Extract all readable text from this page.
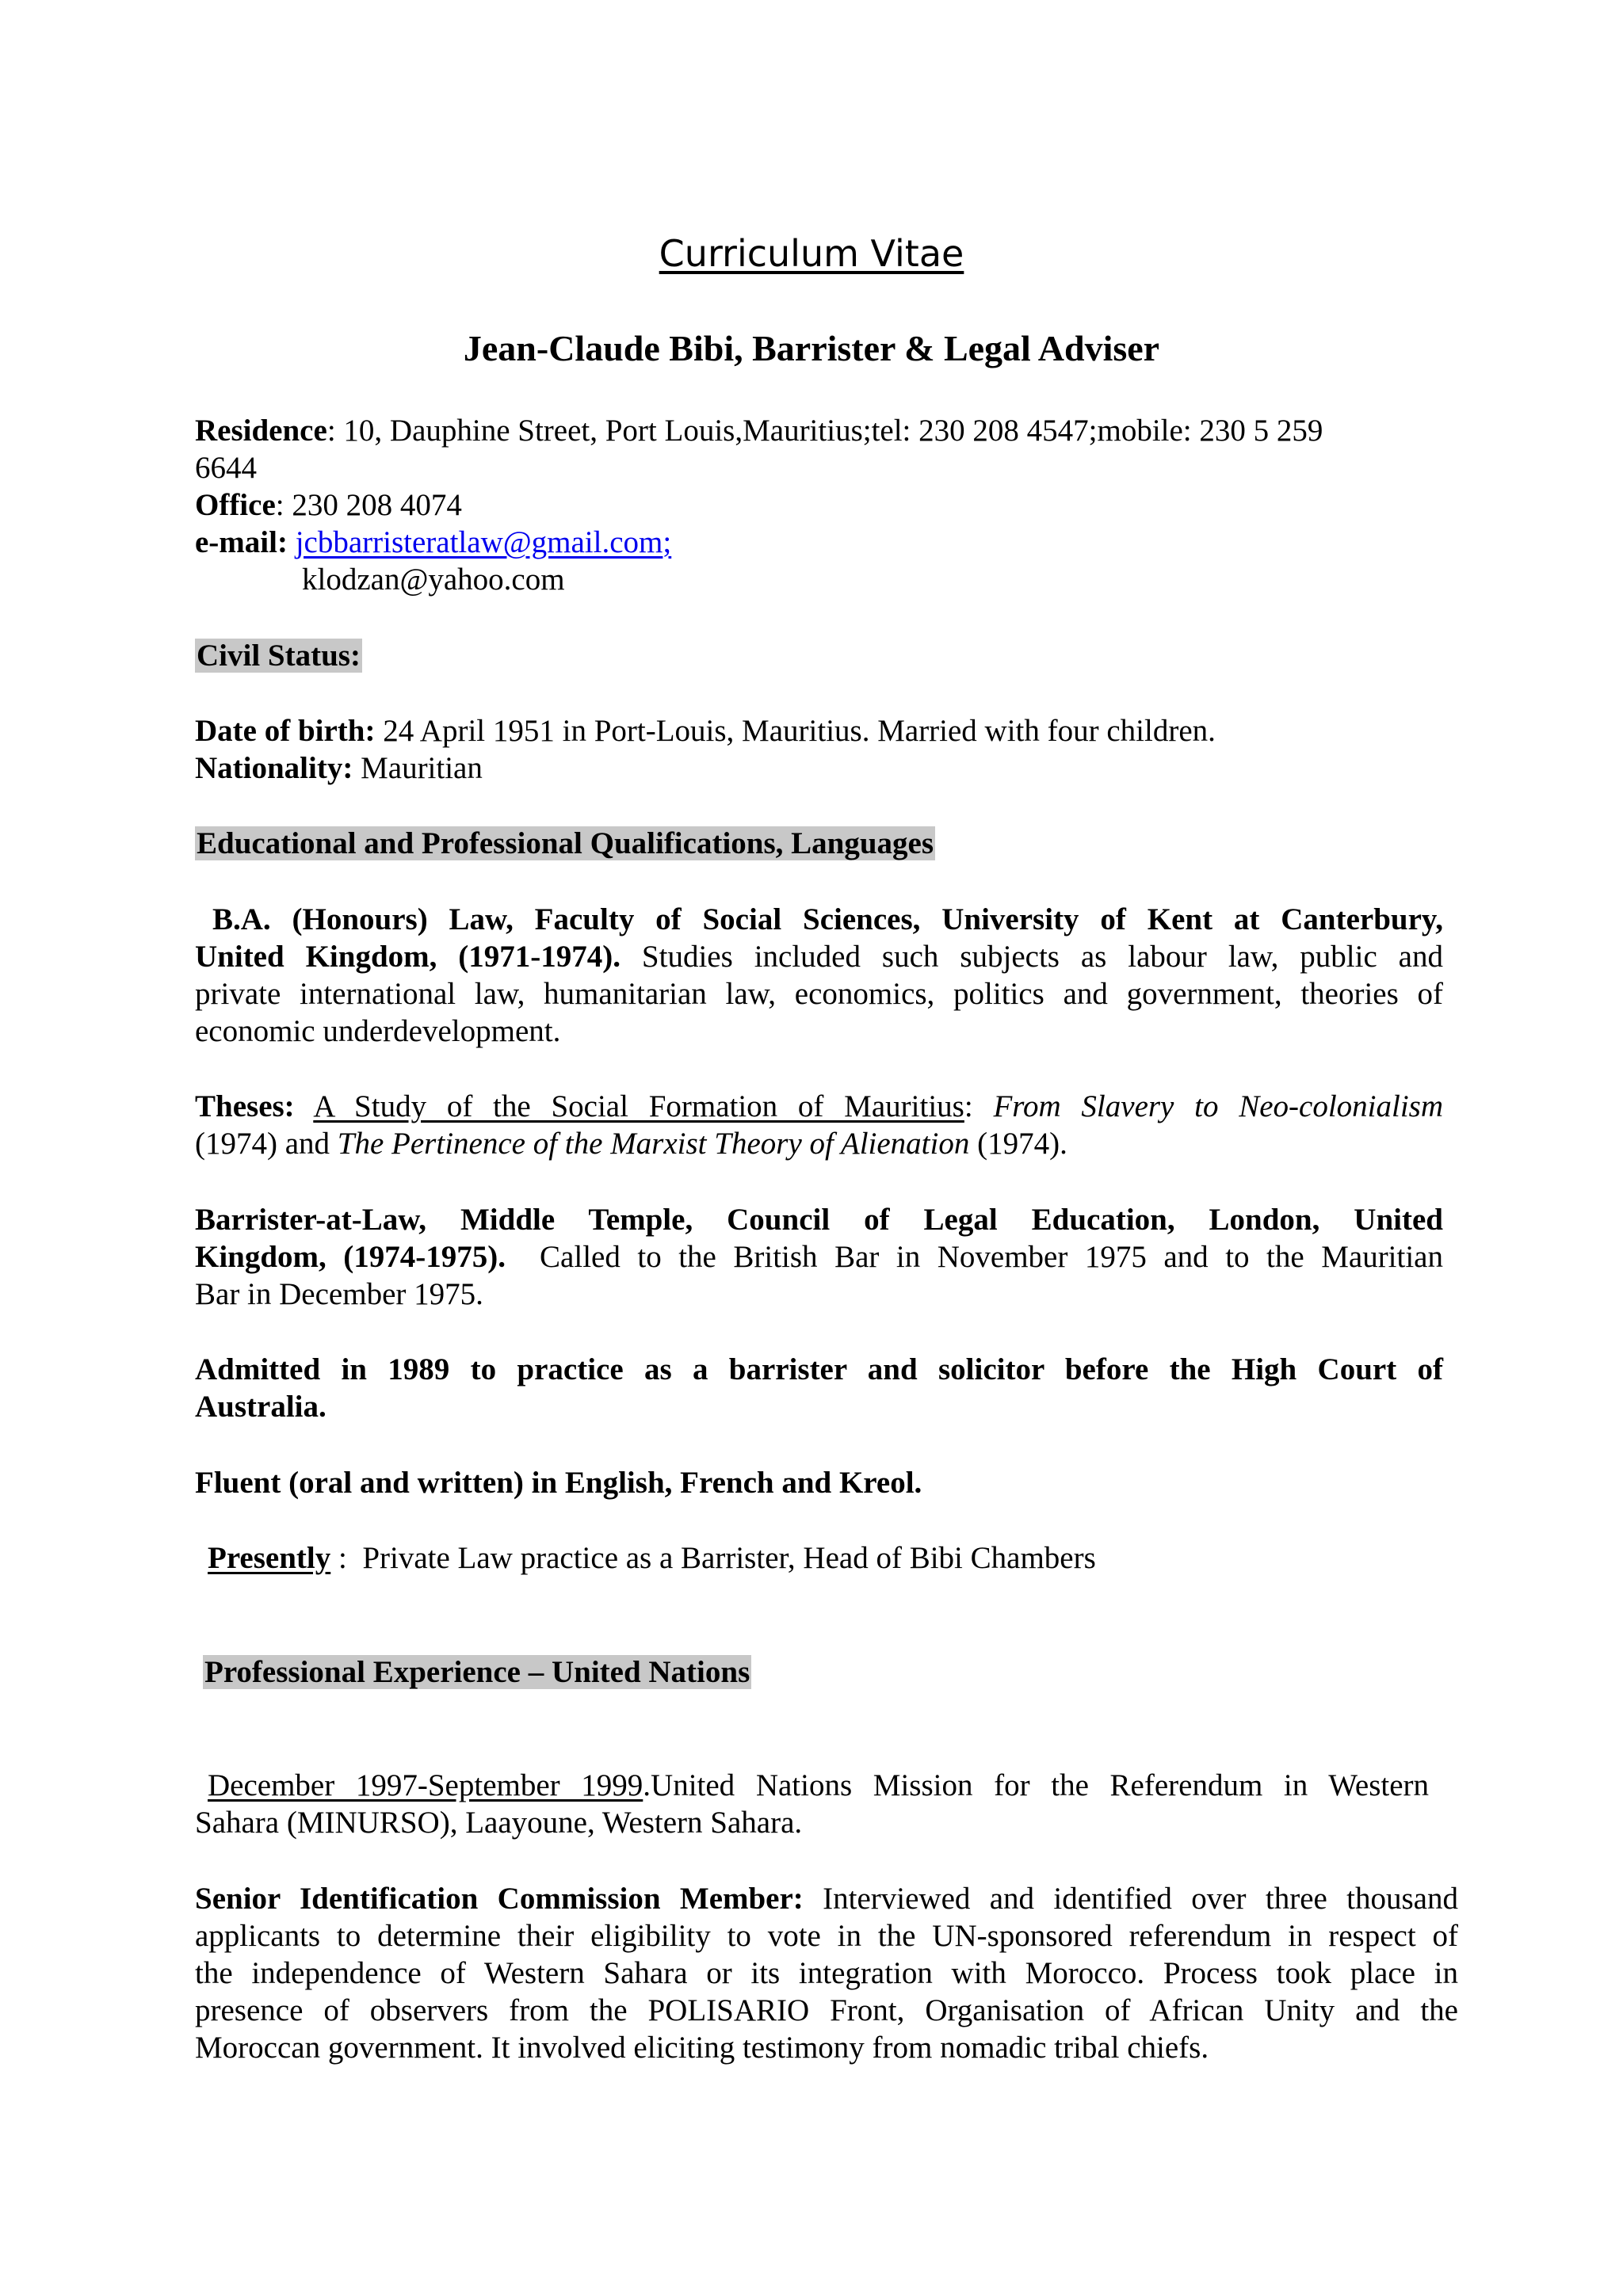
Curriculum Vitae
Jean-Claude Bibi, Barrister & Legal Adviser
Residence: 10, Dauphine Street, Port Louis,Mauritius;tel: 230 208 4547;mobile: 230 5 259
6644
Office: 230 208 4074
e-mail: jcbbarristeratlaw@gmail.com;
klodzan@yahoo.com
Civil Status:
Date of birth: 24 April 1951 in Port-Louis, Mauritius. Married with four children.
Nationality: Mauritian
Educational and Professional Qualifications, Languages
B.A. (Honours) Law, Faculty of Social Sciences, University of Kent at Canterbury,
United Kingdom, (1971-1974). Studies included such subjects as labour law, public and
private international law, humanitarian law, economics, politics and government, theories of
economic underdevelopment.
Theses: A Study of the Social Formation of Mauritius: From Slavery to Neo-colonialism
(1974) and The Pertinence of the Marxist Theory of Alienation (1974).
Barrister-at-Law, Middle Temple, Council of Legal Education, London, United
Kingdom, (1974-1975).  Called to the British Bar in November 1975 and to the Mauritian
Bar in December 1975.
Admitted in 1989 to practice as a barrister and solicitor before the High Court of
Australia.
Fluent (oral and written) in English, French and Kreol.
Presently :  Private Law practice as a Barrister, Head of Bibi Chambers
Professional Experience – United Nations
December 1997-September 1999.United Nations Mission for the Referendum in Western
Sahara (MINURSO), Laayoune, Western Sahara.
Senior Identification Commission Member: Interviewed and identified over three thousand
applicants to determine their eligibility to vote in the UN-sponsored referendum in respect of
the independence of Western Sahara or its integration with Morocco. Process took place in
presence of observers from the POLISARIO Front, Organisation of African Unity and the
Moroccan government. It involved eliciting testimony from nomadic tribal chiefs.
